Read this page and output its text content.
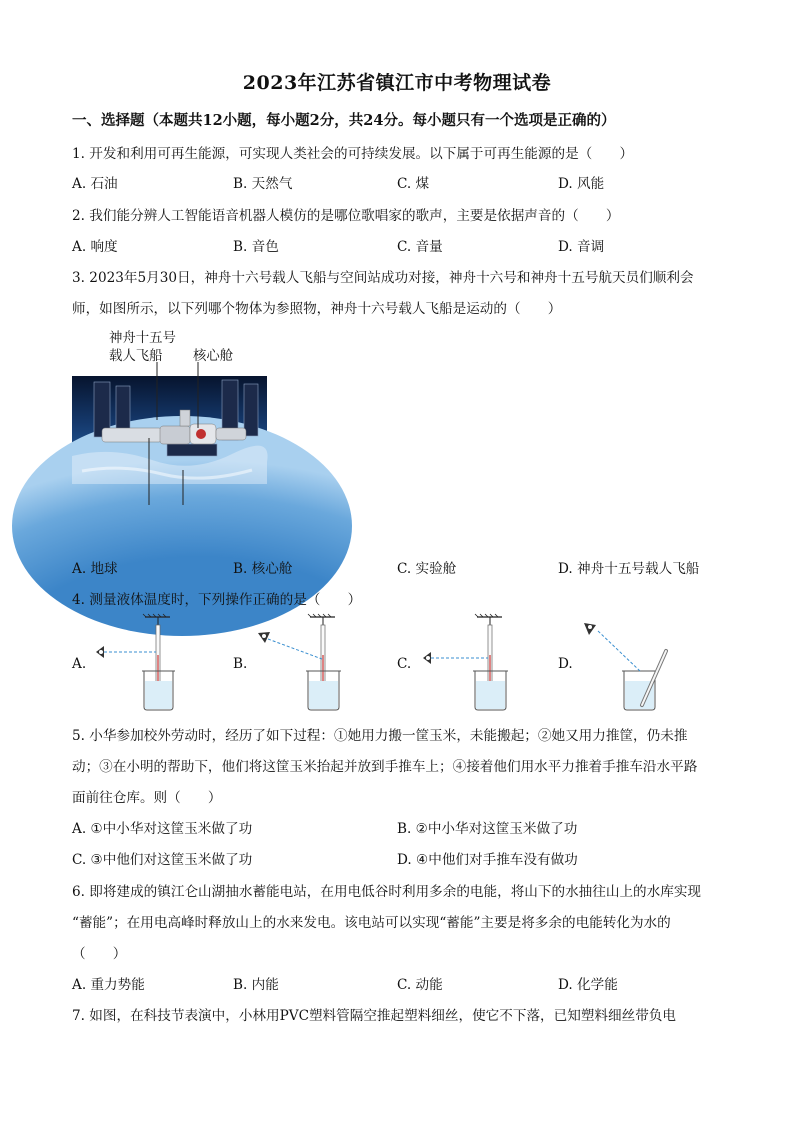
2023年江苏省镇江市中考物理试卷
一、选择题（本题共12小题，每小题2分，共24分。每小题只有一个选项是正确的）
1. 开发和利用可再生能源，可实现人类社会的可持续发展。以下属于可再生能源的是（　　）
A. 石油	B. 天然气	C. 煤	D. 风能
2. 我们能分辨人工智能语音机器人模仿的是哪位歌唱家的歌声，主要是依据声音的（　　）
A. 响度	B. 音色	C. 音量	D. 音调
3. 2023年5月30日，神舟十六号载人飞船与空间站成功对接，神舟十六号和神舟十五号航天员们顺利会
师，如图所示，以下列哪个物体为参照物，神舟十六号载人飞船是运动的（　　）
神舟十五号
载人飞船 核心舱
A. 地球	B. 核心舱	C. 实验舱	D. 神舟十五号载人飞船
4. 测量液体温度时，下列操作正确的是（　　）
A.	B.	C.	D.
5. 小华参加校外劳动时，经历了如下过程：①她用力搬一筐玉米，未能搬起；②她又用力推筐，仍未推
动；③在小明的帮助下，他们将这筐玉米抬起并放到手推车上；④接着他们用水平力推着手推车沿水平路
面前往仓库。则（　　）
A. ①中小华对这筐玉米做了功	B. ②中小华对这筐玉米做了功
C. ③中他们对这筐玉米做了功	D. ④中他们对手推车没有做功
6. 即将建成的镇江仑山湖抽水蓄能电站，在用电低谷时利用多余的电能，将山下的水抽往山上的水库实现
“蓄能”；在用电高峰时释放山上的水来发电。该电站可以实现“蓄能”主要是将多余的电能转化为水的
（　　）
A. 重力势能	B. 内能	C. 动能	D. 化学能
7. 如图，在科技节表演中，小林用PVC塑料管隔空推起塑料细丝，使它不下落，已知塑料细丝带负电
